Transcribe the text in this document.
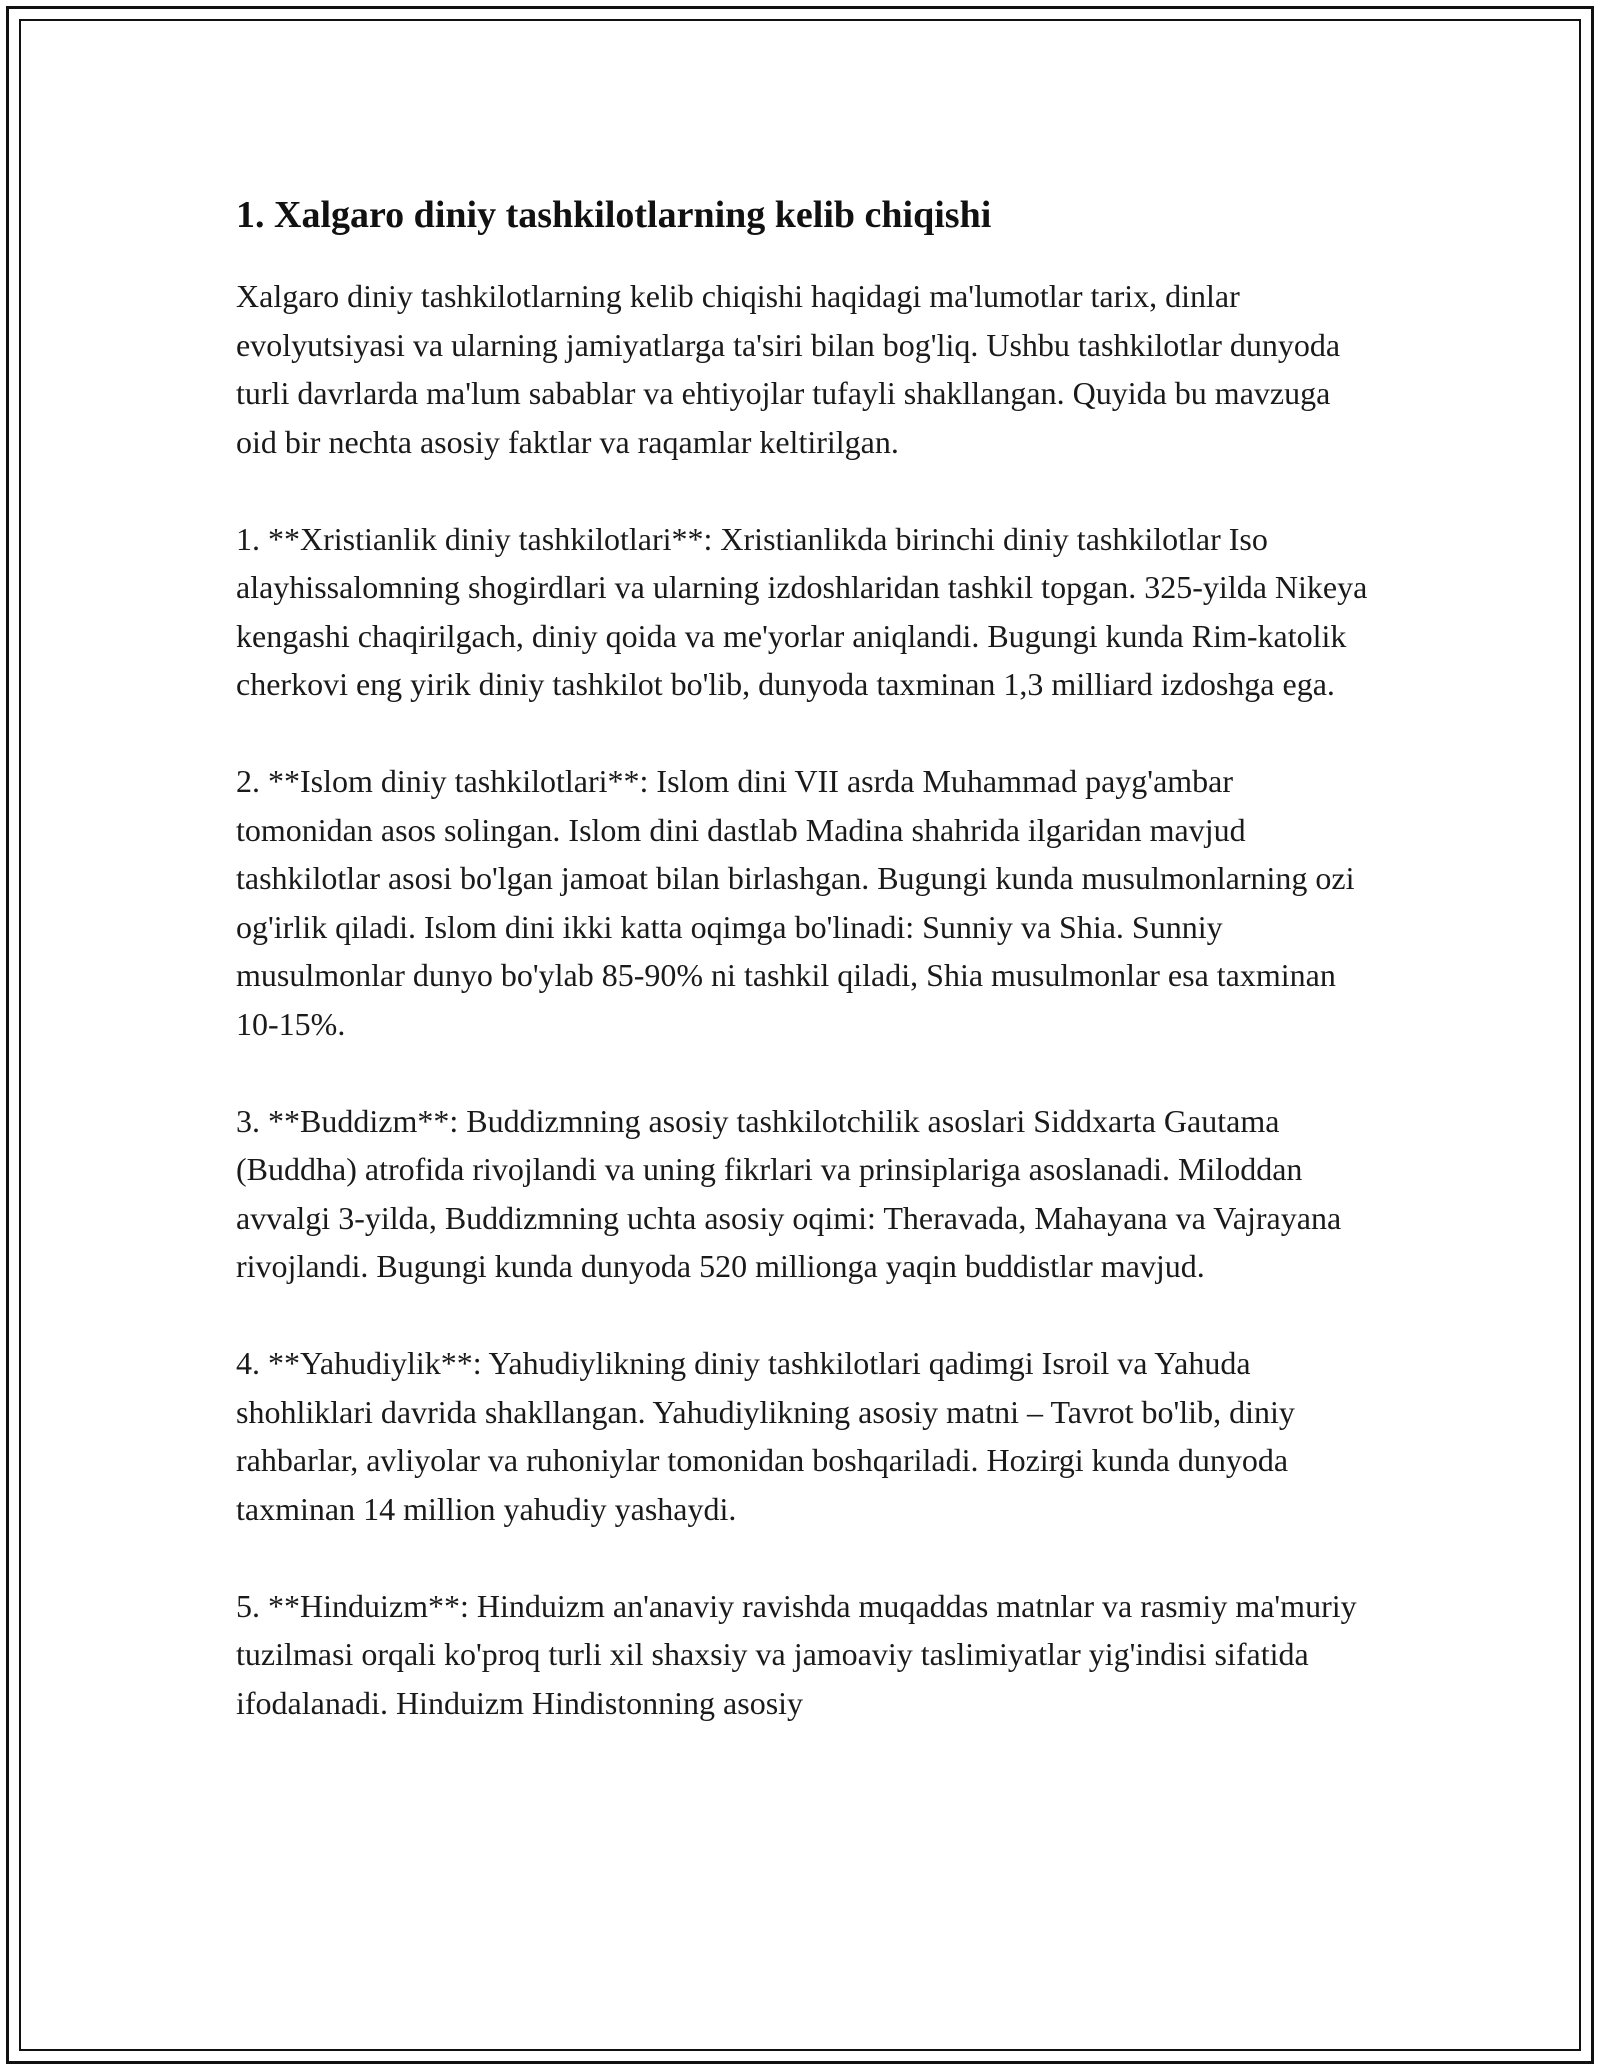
1. Xalgaro diniy tashkilotlarning kelib chiqishi

Xalgaro diniy tashkilotlarning kelib chiqishi haqidagi ma'lumotlar tarix, dinlar evolyutsiyasi va ularning jamiyatlarga ta'siri bilan bog'liq. Ushbu tashkilotlar dunyoda turli davrlarda ma'lum sabablar va ehtiyojlar tufayli shakllangan. Quyida bu mavzuga oid bir nechta asosiy faktlar va raqamlar keltirilgan.

1. **Xristianlik diniy tashkilotlari**: Xristianlikda birinchi diniy tashkilotlar Iso alayhissalomning shogirdlari va ularning izdoshlaridan tashkil topgan. 325-yilda Nikeya kengashi chaqirilgach, diniy qoida va me'yorlar aniqlandi. Bugungi kunda Rim-katolik cherkovi eng yirik diniy tashkilot bo'lib, dunyoda taxminan 1,3 milliard izdoshga ega.

2. **Islom diniy tashkilotlari**: Islom dini VII asrda Muhammad payg'ambar tomonidan asos solingan. Islom dini dastlab Madina shahrida ilgaridan mavjud tashkilotlar asosi bo'lgan jamoat bilan birlashgan. Bugungi kunda musulmonlarning ozi og'irlik qiladi. Islom dini ikki katta oqimga bo'linadi: Sunniy va Shia. Sunniy musulmonlar dunyo bo'ylab 85-90% ni tashkil qiladi, Shia musulmonlar esa taxminan 10-15%.

3. **Buddizm**: Buddizmning asosiy tashkilotchilik asoslari Siddxarta Gautama (Buddha) atrofida rivojlandi va uning fikrlari va prinsiplariga asoslanadi. Miloddan avvalgi 3-yilda, Buddizmning uchta asosiy oqimi: Theravada, Mahayana va Vajrayana rivojlandi. Bugungi kunda dunyoda 520 millionga yaqin buddistlar mavjud.

4. **Yahudiylik**: Yahudiylikning diniy tashkilotlari qadimgi Isroil va Yahuda shohliklari davrida shakllangan. Yahudiylikning asosiy matni – Tavrot bo'lib, diniy rahbarlar, avliyolar va ruhoniylar tomonidan boshqariladi. Hozirgi kunda dunyoda taxminan 14 million yahudiy yashaydi.

5. **Hinduizm**: Hinduizm an'anaviy ravishda muqaddas matnlar va rasmiy ma'muriy tuzilmasi orqali ko'proq turli xil shaxsiy va jamoaviy taslimiyatlar yig'indisi sifatida ifodalanadi. Hinduizm Hindistonning asosiy
